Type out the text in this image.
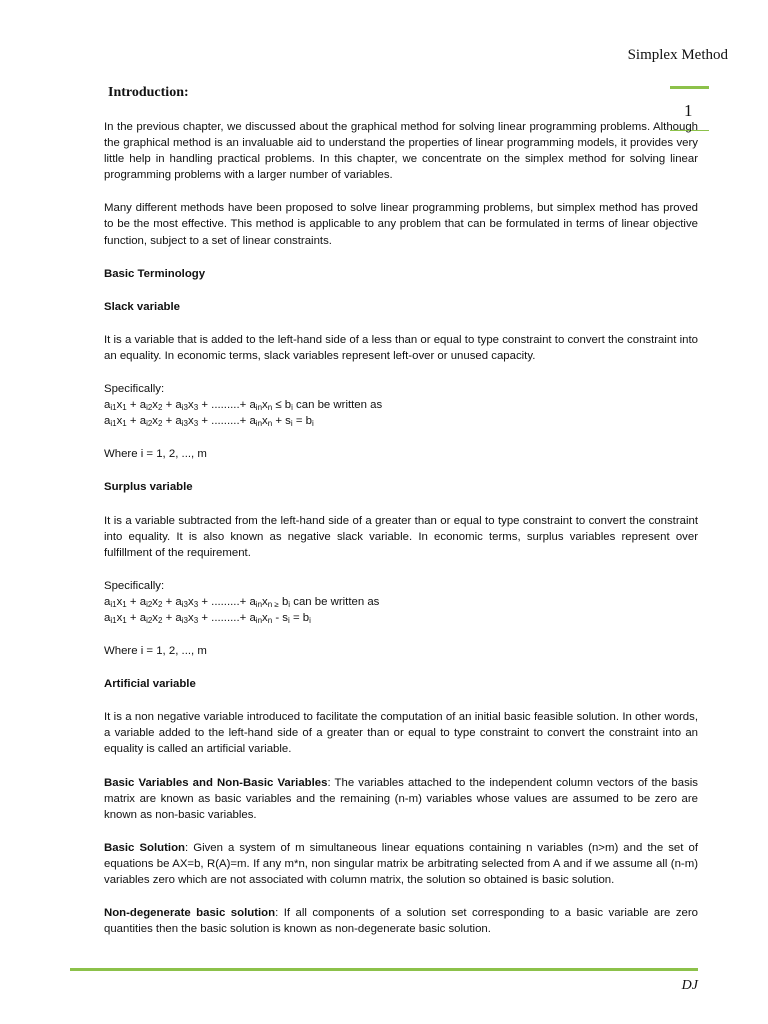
Simplex Method
1
Introduction:

In the previous chapter, we discussed about the graphical method for solving linear programming problems. Although the graphical method is an invaluable aid to understand the properties of linear programming models, it provides very little help in handling practical problems. In this chapter, we concentrate on the simplex method for solving linear programming problems with a larger number of variables.

Many different methods have been proposed to solve linear programming problems, but simplex method has proved to be the most effective. This method is applicable to any problem that can be formulated in terms of linear objective function, subject to a set of linear constraints.

Basic Terminology

Slack variable

It is a variable that is added to the left-hand side of a less than or equal to type constraint to convert the constraint into an equality. In economic terms, slack variables represent left-over or unused capacity.

Specifically:

$a_{i1}x_1 + a_{i2}x_2 + a_{i3}x_3$ + .........+ $a_{in}x_n \le b_i$ can be written as

$a_{i1}x_1 + a_{i2}x_2 + a_{i3}x_3$ + .........+ $a_{in}x_n + s_i = b_i$

Where i = 1, 2, ..., m

Surplus variable

It is a variable subtracted from the left-hand side of a greater than or equal to type constraint to convert the constraint into equality. It is also known as negative slack variable. In economic terms, surplus variables represent over fulfillment of the requirement.

Specifically:

$a_{i1}x_1 + a_{i2}x_2 + a_{i3}x_3$ + .........+ $a_{in}x_{n \ge}$ $b_i$ can be written as

$a_{i1}x_1 + a_{i2}x_2 + a_{i3}x_3$ + .........+ $a_{in}x_n - s_i = b_i$

Where i = 1, 2, ..., m

Artificial variable

It is a non negative variable introduced to facilitate the computation of an initial basic feasible solution. In other words, a variable added to the left-hand side of a greater than or equal to type constraint to convert the constraint into an equality is called an artificial variable.

Basic Variables and Non-Basic Variables: The variables attached to the independent column vectors of the basis matrix are known as basic variables and the remaining (n-m) variables whose values are assumed to be zero are known as non-basic variables.

Basic Solution: Given a system of m simultaneous linear equations containing n variables (n>m) and the set of equations be AX=b, R(A)=m. If any m*n, non singular matrix be arbitrating selected from A and if we assume all (n-m) variables zero which are not associated with column matrix, the solution so obtained is basic solution.

Non-degenerate basic solution: If all components of a solution set corresponding to a basic variable are zero quantities then the basic solution is known as non-degenerate basic solution.

DJ
